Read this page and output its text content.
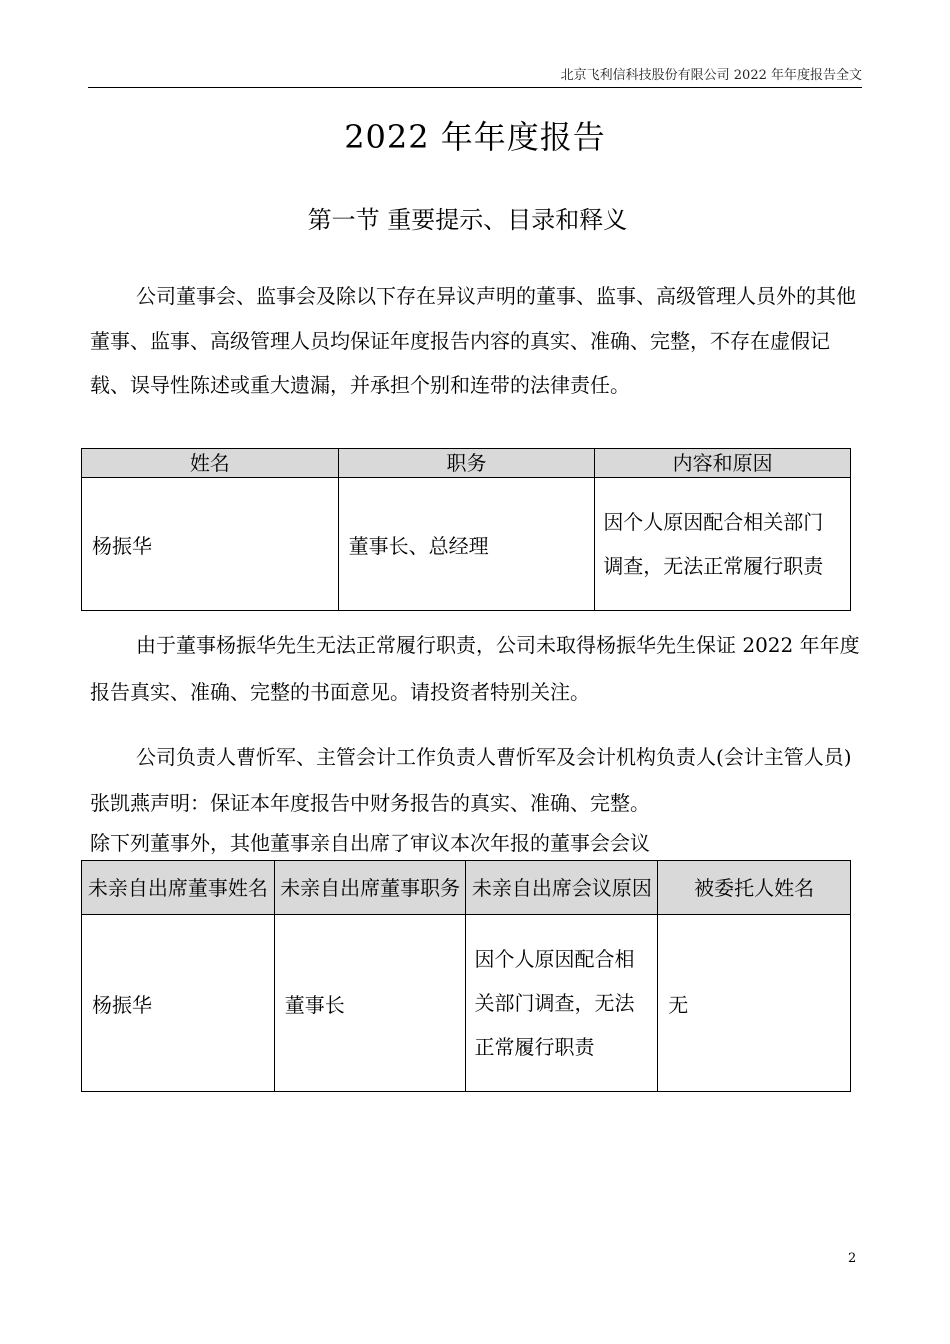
北京飞利信科技股份有限公司 2022 年年度报告全文
2022 年年度报告
第一节 重要提示、目录和释义

公司董事会、监事会及除以下存在异议声明的董事、监事、高级管理人员外的其他董事、监事、高级管理人员均保证年度报告内容的真实、准确、完整，不存在虚假记载、误导性陈述或重大遗漏，并承担个别和连带的法律责任。

姓名	职务	内容和原因
杨振华	董事长、总经理	因个人原因配合相关部门调查，无法正常履行职责

由于董事杨振华先生无法正常履行职责，公司未取得杨振华先生保证 2022 年年度报告真实、准确、完整的书面意见。请投资者特别关注。

公司负责人曹忻军、主管会计工作负责人曹忻军及会计机构负责人(会计主管人员)张凯燕声明：保证本年度报告中财务报告的真实、准确、完整。

除下列董事外，其他董事亲自出席了审议本次年报的董事会会议

未亲自出席董事姓名	未亲自出席董事职务	未亲自出席会议原因	被委托人姓名
杨振华	董事长	因个人原因配合相关部门调查，无法正常履行职责	无
2
